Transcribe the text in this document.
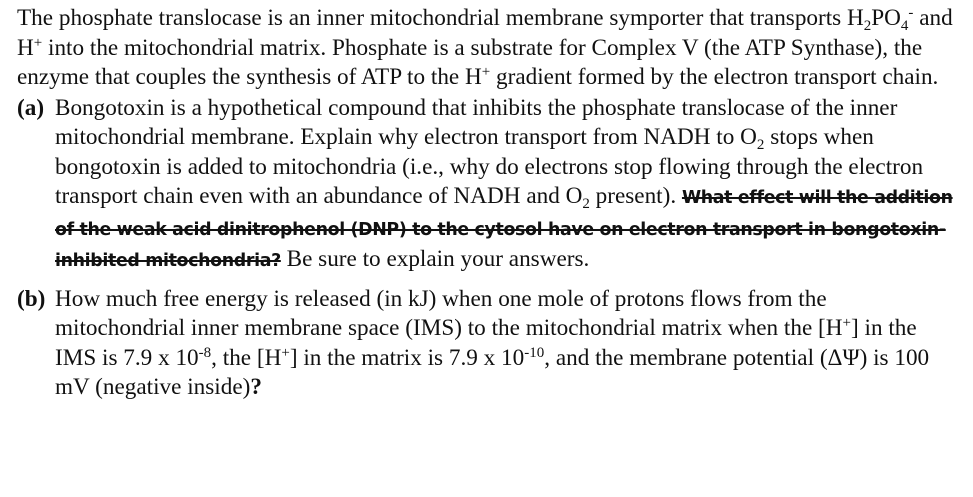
The phosphate translocase is an inner mitochondrial membrane symporter that transports $H_2PO_4^-$ and H+ into the mitochondrial matrix. Phosphate is a substrate for Complex V (the ATP Synthase), the enzyme that couples the synthesis of ATP to the H+ gradient formed by the electron transport chain.

(a) Bongotoxin is a hypothetical compound that inhibits the phosphate translocase of the inner mitochondrial membrane. Explain why electron transport from NADH to $O_2$ stops when bongotoxin is added to mitochondria (i.e., why do electrons stop flowing through the electron transport chain even with an abundance of NADH and $O_2$ present). What effect will the addition of the weak acid dinitrophenol (DNP) to the cytosol have on electron transport in bongotoxin-inhibited mitochondria? Be sure to explain your answers.
(b) How much free energy is released (in kJ) when one mole of protons flows from the mitochondrial inner membrane space (IMS) to the mitochondrial matrix when the [H+] in the IMS is 7.9 x $10^{-8}$, the [H+] in the matrix is 7.9 x $10^{-10}$, and the membrane potential (ΔΨ) is 100 mV (negative inside)?
